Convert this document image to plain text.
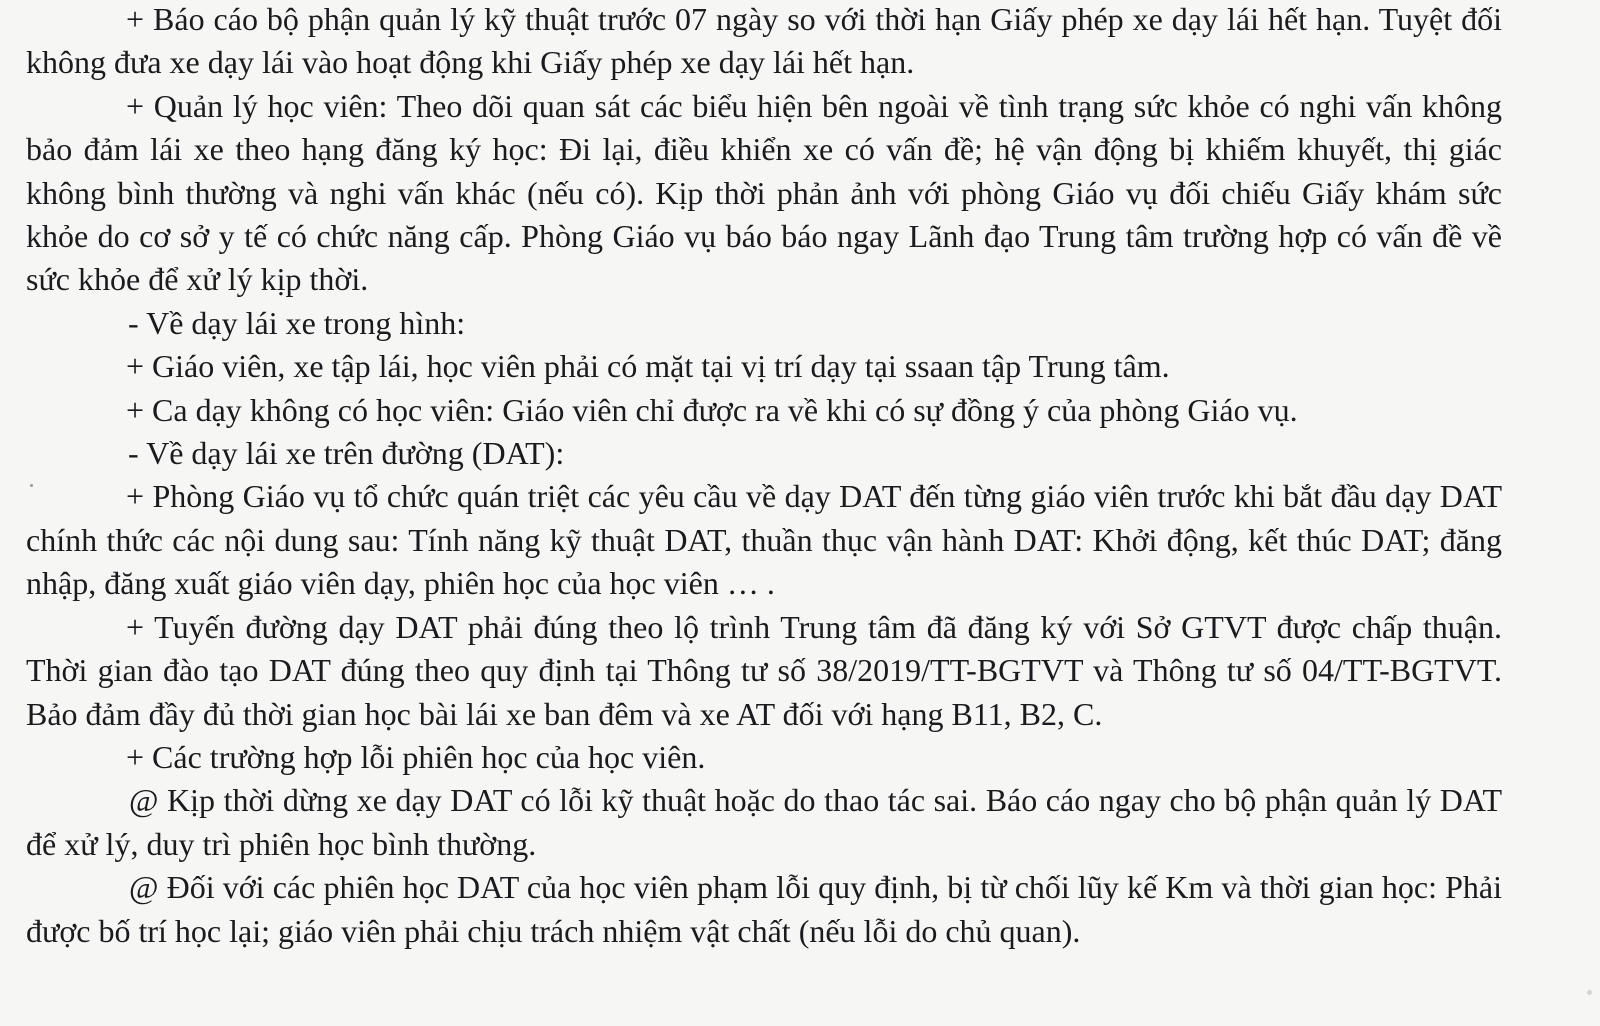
+ Báo cáo bộ phận quản lý kỹ thuật trước 07 ngày so với thời hạn Giấy phép xe dạy lái hết hạn. Tuyệt đối không đưa xe dạy lái vào hoạt động khi Giấy phép xe dạy lái hết hạn.

+ Quản lý học viên: Theo dõi quan sát các biểu hiện bên ngoài về tình trạng sức khỏe có nghi vấn không bảo đảm lái xe theo hạng đăng ký học: Đi lại, điều khiển xe có vấn đề; hệ vận động bị khiếm khuyết, thị giác không bình thường và nghi vấn khác (nếu có). Kịp thời phản ảnh với phòng Giáo vụ đối chiếu Giấy khám sức khỏe do cơ sở y tế có chức năng cấp. Phòng Giáo vụ báo báo ngay Lãnh đạo Trung tâm trường hợp có vấn đề về sức khỏe để xử lý kịp thời.

- Về dạy lái xe trong hình:

+ Giáo viên, xe tập lái, học viên phải có mặt tại vị trí dạy tại ssaan tập Trung tâm.

+ Ca dạy không có học viên: Giáo viên chỉ được ra về khi có sự đồng ý của phòng Giáo vụ.

- Về dạy lái xe trên đường (DAT):

+ Phòng Giáo vụ tổ chức quán triệt các yêu cầu về dạy DAT đến từng giáo viên trước khi bắt đầu dạy DAT chính thức các nội dung sau: Tính năng kỹ thuật DAT, thuần thục vận hành DAT: Khởi động, kết thúc DAT; đăng nhập, đăng xuất giáo viên dạy, phiên học của học viên … .

+ Tuyến đường dạy DAT phải đúng theo lộ trình Trung tâm đã đăng ký với Sở GTVT được chấp thuận. Thời gian đào tạo DAT đúng theo quy định tại Thông tư số 38/2019/TT-BGTVT và Thông tư số 04/TT-BGTVT. Bảo đảm đầy đủ thời gian học bài lái xe ban đêm và xe AT đối với hạng B11, B2, C.

+ Các trường hợp lỗi phiên học của học viên.

@ Kịp thời dừng xe dạy DAT có lỗi kỹ thuật hoặc do thao tác sai. Báo cáo ngay cho bộ phận quản lý DAT để xử lý, duy trì phiên học bình thường.

@ Đối với các phiên học DAT của học viên phạm lỗi quy định, bị từ chối lũy kế Km và thời gian học: Phải được bố trí học lại; giáo viên phải chịu trách nhiệm vật chất (nếu lỗi do chủ quan).
